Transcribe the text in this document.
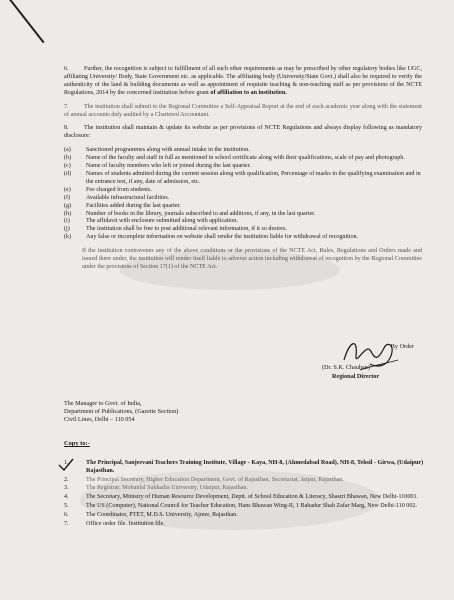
6.	Further, the recognition is subject to fulfillment of all such other requirements as may be prescribed by other regulatory bodies like UGC, affiliating University/ Body, State Government etc. as applicable. The affiliating body (University/State Govt.) shall also be required to verify the authenticity of the land & building documents as well as appointment of requisite teaching & non-teaching staff as per provisions of the NCTE Regulations, 2014 by the concerned institution before grant of affiliation to an institution.

7.	The institution shall submit to the Regional Committee a Self-Appraisal Report at the end of each academic year along with the statement of annual accounts duly audited by a Chartered Accountant.

8.	The institution shall maintain & update its website as per provisions of NCTE Regulations and always display following as mandatory disclosure:

(a)	Sanctioned programmes along with annual intake in the institution.
(b)	Name of the faculty and staff in full as mentioned in school certificate along with their qualifications, scale of pay and photograph.
(c)	Name of faculty members who left or joined during the last quarter.
(d)	Names of students admitted during the current session along with qualification, Percentage of marks in the qualifying examination and in the entrance test, if any, date of admission, etc.
(e)	Fee charged from students.
(f)	Available infrastructural facilities.
(g)	Facilities added during the last quarter.
(h)	Number of books in the library, journals subscribed to and additions, if any, in the last quarter.
(i)	The affidavit with enclosure submitted along with application.
(j)	The institution shall be free to post additional relevant information, if it so desires.
(k)	Any false or incomplete information on website shall render the institution liable for withdrawal of recognition.

If the institution contravenes any of the above conditions or the provisions of the NCTE Act, Rules, Regulations and Orders made and issued there under, the institution will render itself liable to adverse action including withdrawal of recognition by the Regional Committee under the provisions of Section 17(1) of the NCTE Act.

By Order
(Dr. S.K. Chauhan)
Regional Director
The Manager to Govt. of India,
Department of Publications, (Gazette Section)
Civil Lines, Delhi – 110 054
Copy to:-
1.	The Principal, Sanjeevani Teachers Training Institute, Village - Kaya, NH-8, (Ahmedabad Road), NH-8, Tehsil - Girwa, (Udaipur) Rajasthan.
2.	The Principal Secretary, Higher Education Department, Govt. of Rajasthan, Secretariat, Jaipur, Rajasthan.
3.	The Registrar, Mohanlal Sukhadia University, Udaipur, Rajasthan.
4.	The Secretary, Ministry of Human Resource Development, Deptt. of School Education & Literacy, Shastri Bhawan, New Delhi-110001.
5.	The US (Computer), National Council for Teacher Education, Hans Bhawan Wing-II, 1 Bahadur Shah Zafar Marg, New Delhi-110 002.
6.	The Coordinator, PTET, M.D.S. University, Ajmer, Rajasthan.
7.	Office order file. Institution file.
